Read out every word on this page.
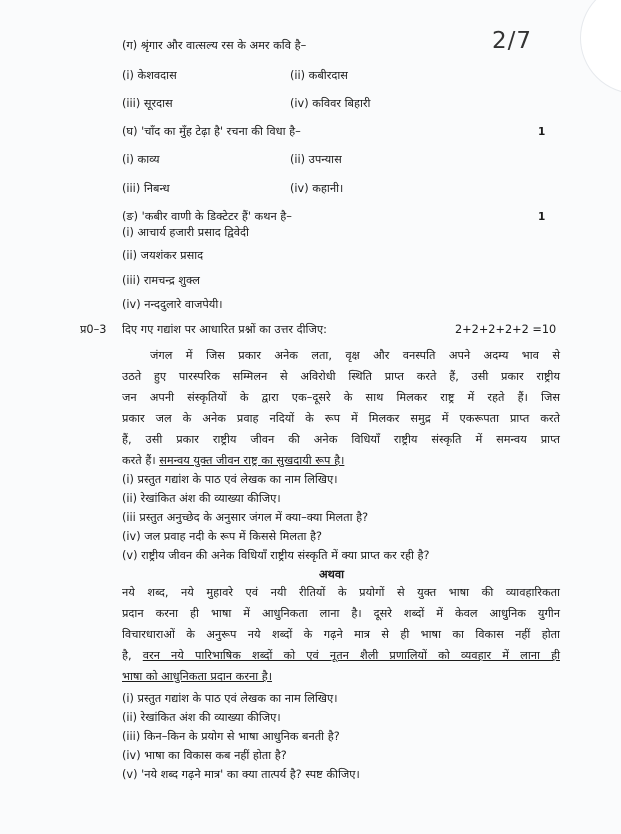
2/7
(ग) श्रृंगार और वात्सल्य रस के अमर कवि है–
(i) केशवदास	(ii) कबीरदास
(iii) सूरदास	(iv) कविवर बिहारी
(घ) 'चाँद का मुँह टेढ़ा है' रचना की विधा है–	1
(i) काव्य	(ii) उपन्यास
(iii) निबन्ध	(iv) कहानी।
(ङ) 'कबीर वाणी के डिक्टेटर हैं' कथन है–	1
(i) आचार्य हजारी प्रसाद द्विवेदी
(ii) जयशंकर प्रसाद
(iii) रामचन्द्र शुक्ल
(iv) नन्ददुलारे वाजपेयी।
प्र0–3 दिए गए गद्यांश पर आधारित प्रश्नों का उत्तर दीजिए:	2+2+2+2+2 =10
जंगल में जिस प्रकार अनेक लता, वृक्ष और वनस्पति अपने अदम्य भाव से
उठते हुए पारस्परिक सम्मिलन से अविरोधी स्थिति प्राप्त करते हैं, उसी प्रकार राष्ट्रीय
जन अपनी संस्कृतियों के द्वारा एक–दूसरे के साथ मिलकर राष्ट्र में रहते हैं। जिस
प्रकार जल के अनेक प्रवाह नदियों के रूप में मिलकर समुद्र में एकरूपता प्राप्त करते
हैं, उसी प्रकार राष्ट्रीय जीवन की अनेक विधियाँ राष्ट्रीय संस्कृति में समन्वय प्राप्त
करते हैं। समन्वय युक्त जीवन राष्ट्र का सुखदायी रूप है।
(i) प्रस्तुत गद्यांश के पाठ एवं लेखक का नाम लिखिए।
(ii) रेखांकित अंश की व्याख्या कीजिए।
(iii प्रस्तुत अनुच्छेद के अनुसार जंगल में क्या–क्या मिलता है?
(iv) जल प्रवाह नदी के रूप में किससे मिलता है?
(v) राष्ट्रीय जीवन की अनेक विधियाँ राष्ट्रीय संस्कृति में क्या प्राप्त कर रही है?
अथवा
नये शब्द, नये मुहावरे एवं नयी रीतियों के प्रयोगों से युक्त भाषा की व्यावहारिकता
प्रदान करना ही भाषा में आधुनिकता लाना है। दूसरे शब्दों में केवल आधुनिक युगीन
विचारधाराओं के अनुरूप नये शब्दों के गढ़ने मात्र से ही भाषा का विकास नहीं होता
है, वरन नये पारिभाषिक शब्दों को एवं नूतन शैली प्रणालियों को व्यवहार में लाना ही
भाषा को आधुनिकता प्रदान करना है।
(i) प्रस्तुत गद्यांश के पाठ एवं लेखक का नाम लिखिए।
(ii) रेखांकित अंश की व्याख्या कीजिए।
(iii) किन–किन के प्रयोग से भाषा आधुनिक बनती है?
(iv) भाषा का विकास कब नहीं होता है?
(v) 'नये शब्द गढ़ने मात्र' का क्या तात्पर्य है? स्पष्ट कीजिए।
